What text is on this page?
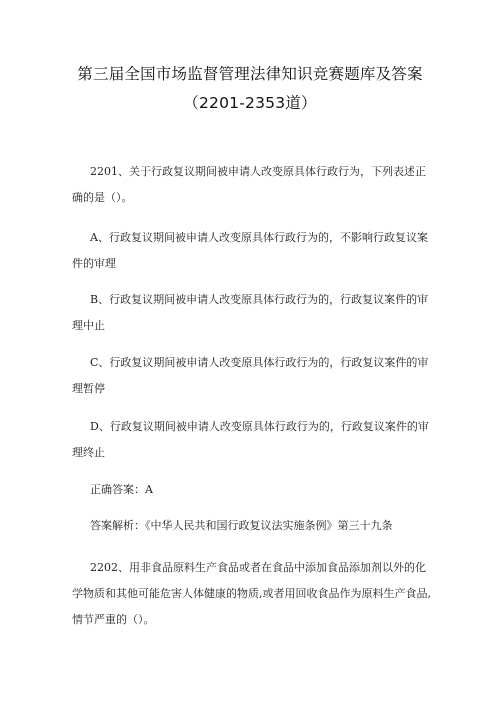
第三届全国市场监督管理法律知识竞赛题库及答案
（2201-2353道）
2201、关于行政复议期间被申请人改变原具体行政行为，下列表述正
确的是（）。
A、行政复议期间被申请人改变原具体行政行为的，不影响行政复议案
件的审理
B、行政复议期间被申请人改变原具体行政行为的，行政复议案件的审
理中止
C、行政复议期间被申请人改变原具体行政行为的，行政复议案件的审
理暂停
D、行政复议期间被申请人改变原具体行政行为的，行政复议案件的审
理终止
正确答案：A
答案解析：《中华人民共和国行政复议法实施条例》第三十九条
2202、用非食品原料生产食品或者在食品中添加食品添加剂以外的化
学物质和其他可能危害人体健康的物质,或者用回收食品作为原料生产食品,
情节严重的（）。
